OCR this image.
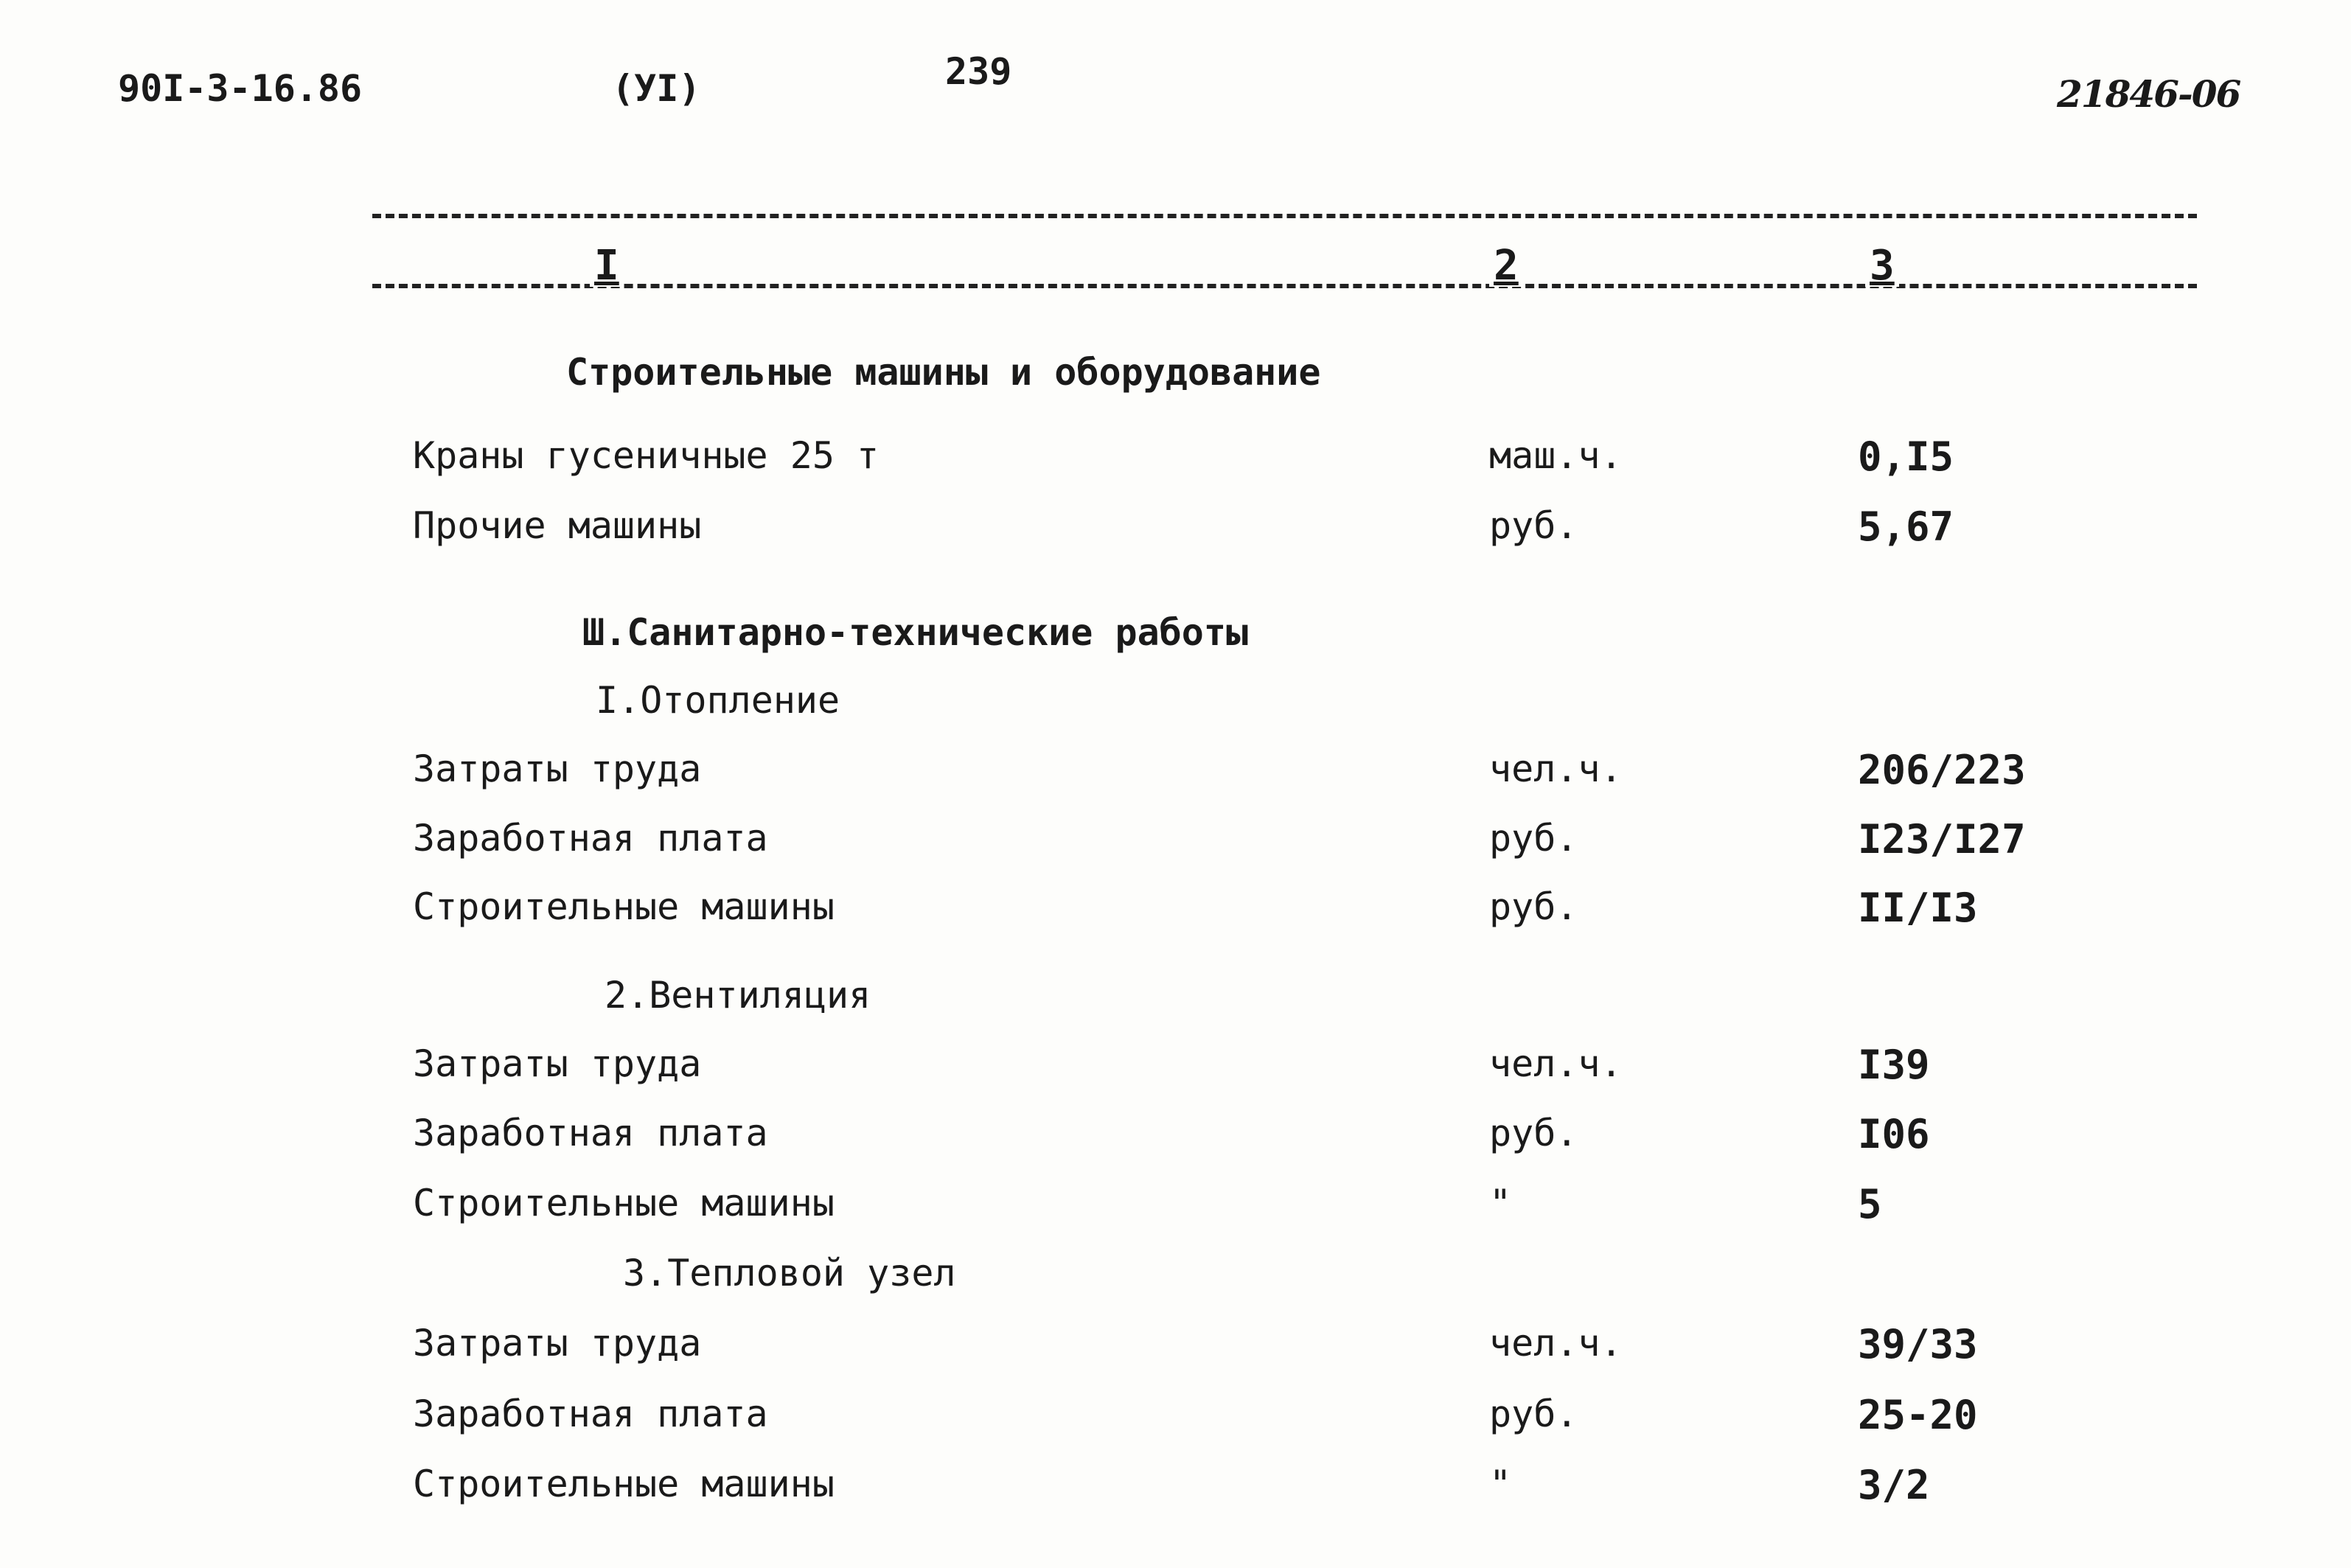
90I-3-16.86	(УI)	239
21846-06
I	2	3
Строительные машины и оборудование
Краны гусеничные 25 т	маш.ч.	0,I5
Прочие машины	руб.	5,67
Ш.Санитарно-технические работы
I.Отопление
Затраты труда	чел.ч.	206/223
Заработная плата	руб.	I23/I27
Строительные машины	руб.	II/I3
2.Вентиляция
Затраты труда	чел.ч.	I39
Заработная плата	руб.	I06
Строительные машины	"	5
3.Тепловой узел
Затраты труда	чел.ч.	39/33
Заработная плата	руб.	25-20
Строительные машины	"	3/2
